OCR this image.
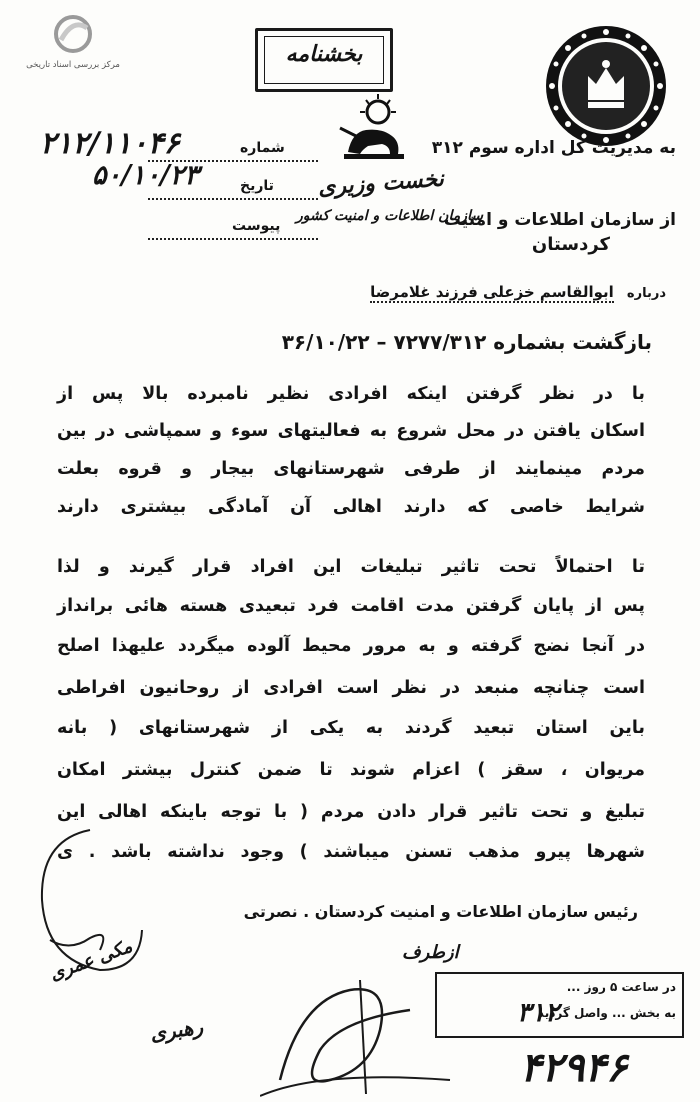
مرکز بررسی اسناد تاریخی	بخشنامه
به مدیریت کل اداره سوم ۳۱۲
نخست وزیری
از سازمان اطلاعات و امنیت
سازمان اطلاعات و امنیت کشور
کردستان
شماره
۲۱۲/۱۱۰۴۶
تاریخ
۵۰/۱۰/۲۳
پیوست
درباره ابوالقاسم خزعلی فرزند غلامرضا
بازگشت بشماره ۷۲۷۷/۳۱۲ – ۳۶/۱۰/۲۲
با در نظر گرفتن اینکه افرادی نظیر نامبرده بالا پس از
اسکان یافتن در محل شروع به فعالیتهای سوء و سمپاشی در بین
مردم مینمایند از طرفی شهرستانهای بیجار و قروه بعلت
شرایط خاصی که دارند اهالی آن آمادگی بیشتری دارند
تا احتمالاً تحت تاثیر تبلیغات این افراد قرار گیرند و لذا
پس از پایان گرفتن مدت اقامت فرد تبعیدی هسته هائی برانداز
در آنجا نضج گرفته و به مرور محیط آلوده میگردد علیهذا اصلح
است چنانچه منبعد در نظر است افرادی از روحانیون افراطی
باین استان تبعید گردند به یکی از شهرستانهای ( بانه
مریوان ، سقز ) اعزام شوند تا ضمن کنترل بیشتر امکان
تبلیغ و تحت تاثیر قرار دادن مردم ( با توجه باینکه اهالی این
شهرها پیرو مذهب تسنن میباشند ) وجود نداشته باشد . ی
رئیس سازمان اطلاعات و امنیت کردستان . نصرتی
مکی عمری	ازطرف
رهبری
در ساعت ۵ روز ...
به بخش ... واصل گردید
۳۱۲
۴۲۹۴۶
